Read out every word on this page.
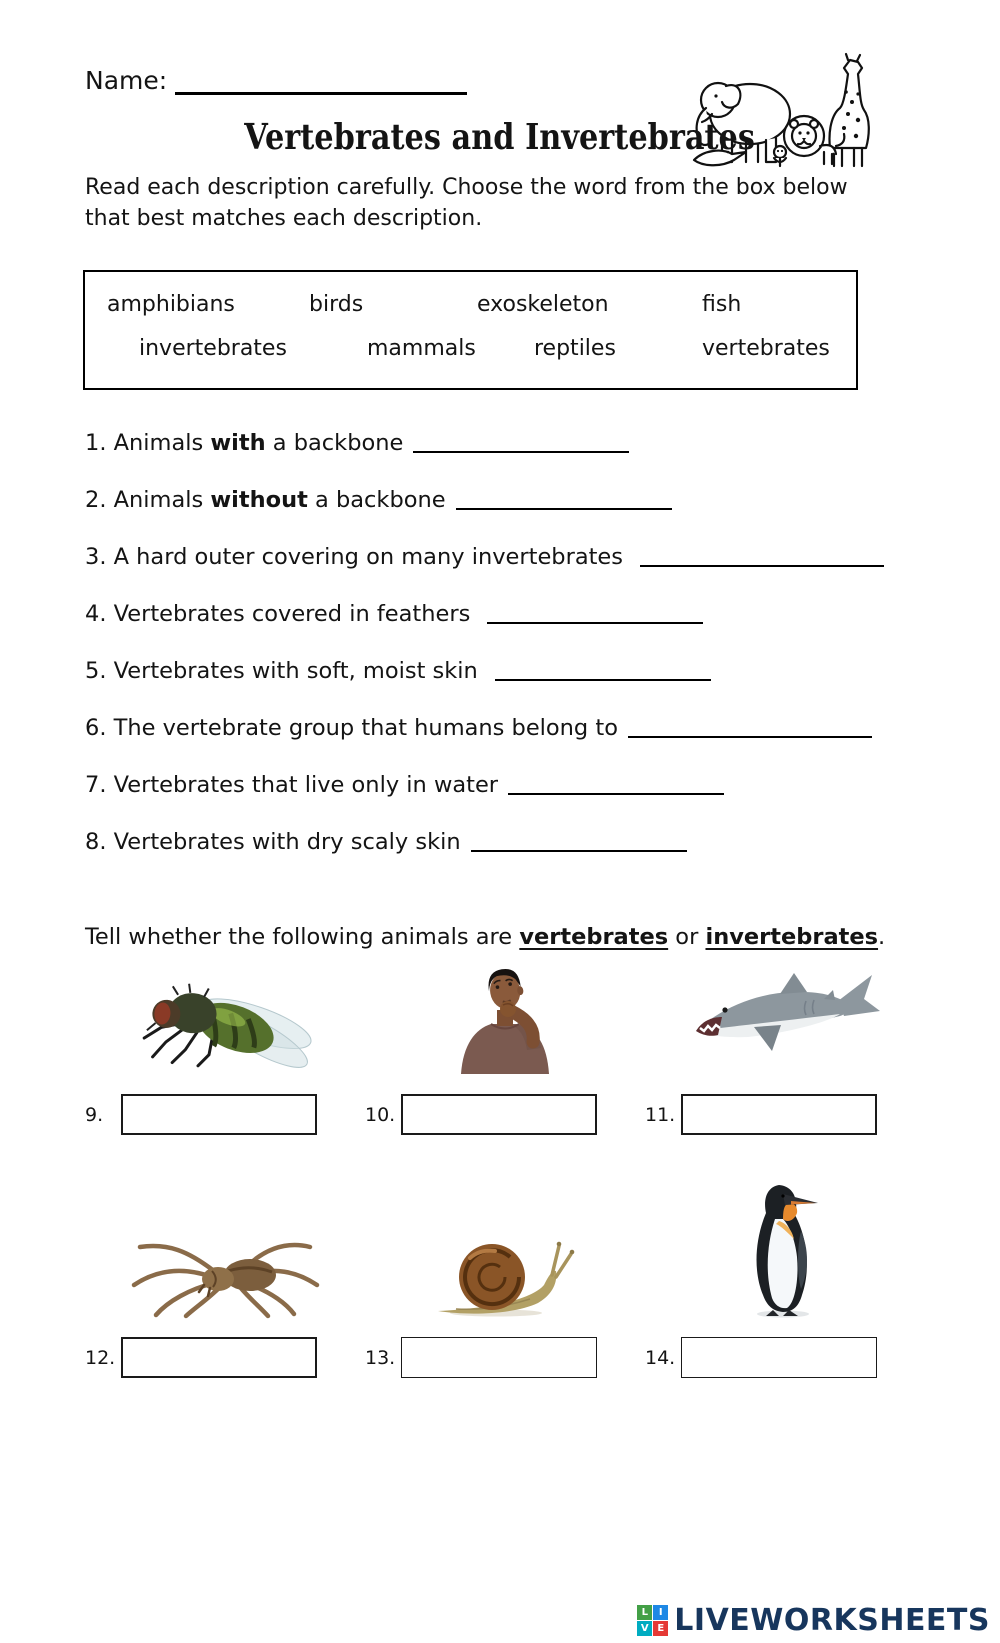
Name:
Vertebrates and Invertebrates

Read each description carefully. Choose the word from the box below that best matches each description.

amphibians	birds	exoskeleton	fish
invertebrates	mammals	reptiles	vertebrates
1. Animals with a backbone
2. Animals without a backbone
3. A hard outer covering on many invertebrates
4. Vertebrates covered in feathers
5. Vertebrates with soft, moist skin
6. The vertebrate group that humans belong to
7. Vertebrates that live only in water
8. Vertebrates with dry scaly skin

Tell whether the following animals are vertebrates or invertebrates.

9.	10.	11.
12.	13.	14.
L	I
V E LIVEWORKSHEETS
